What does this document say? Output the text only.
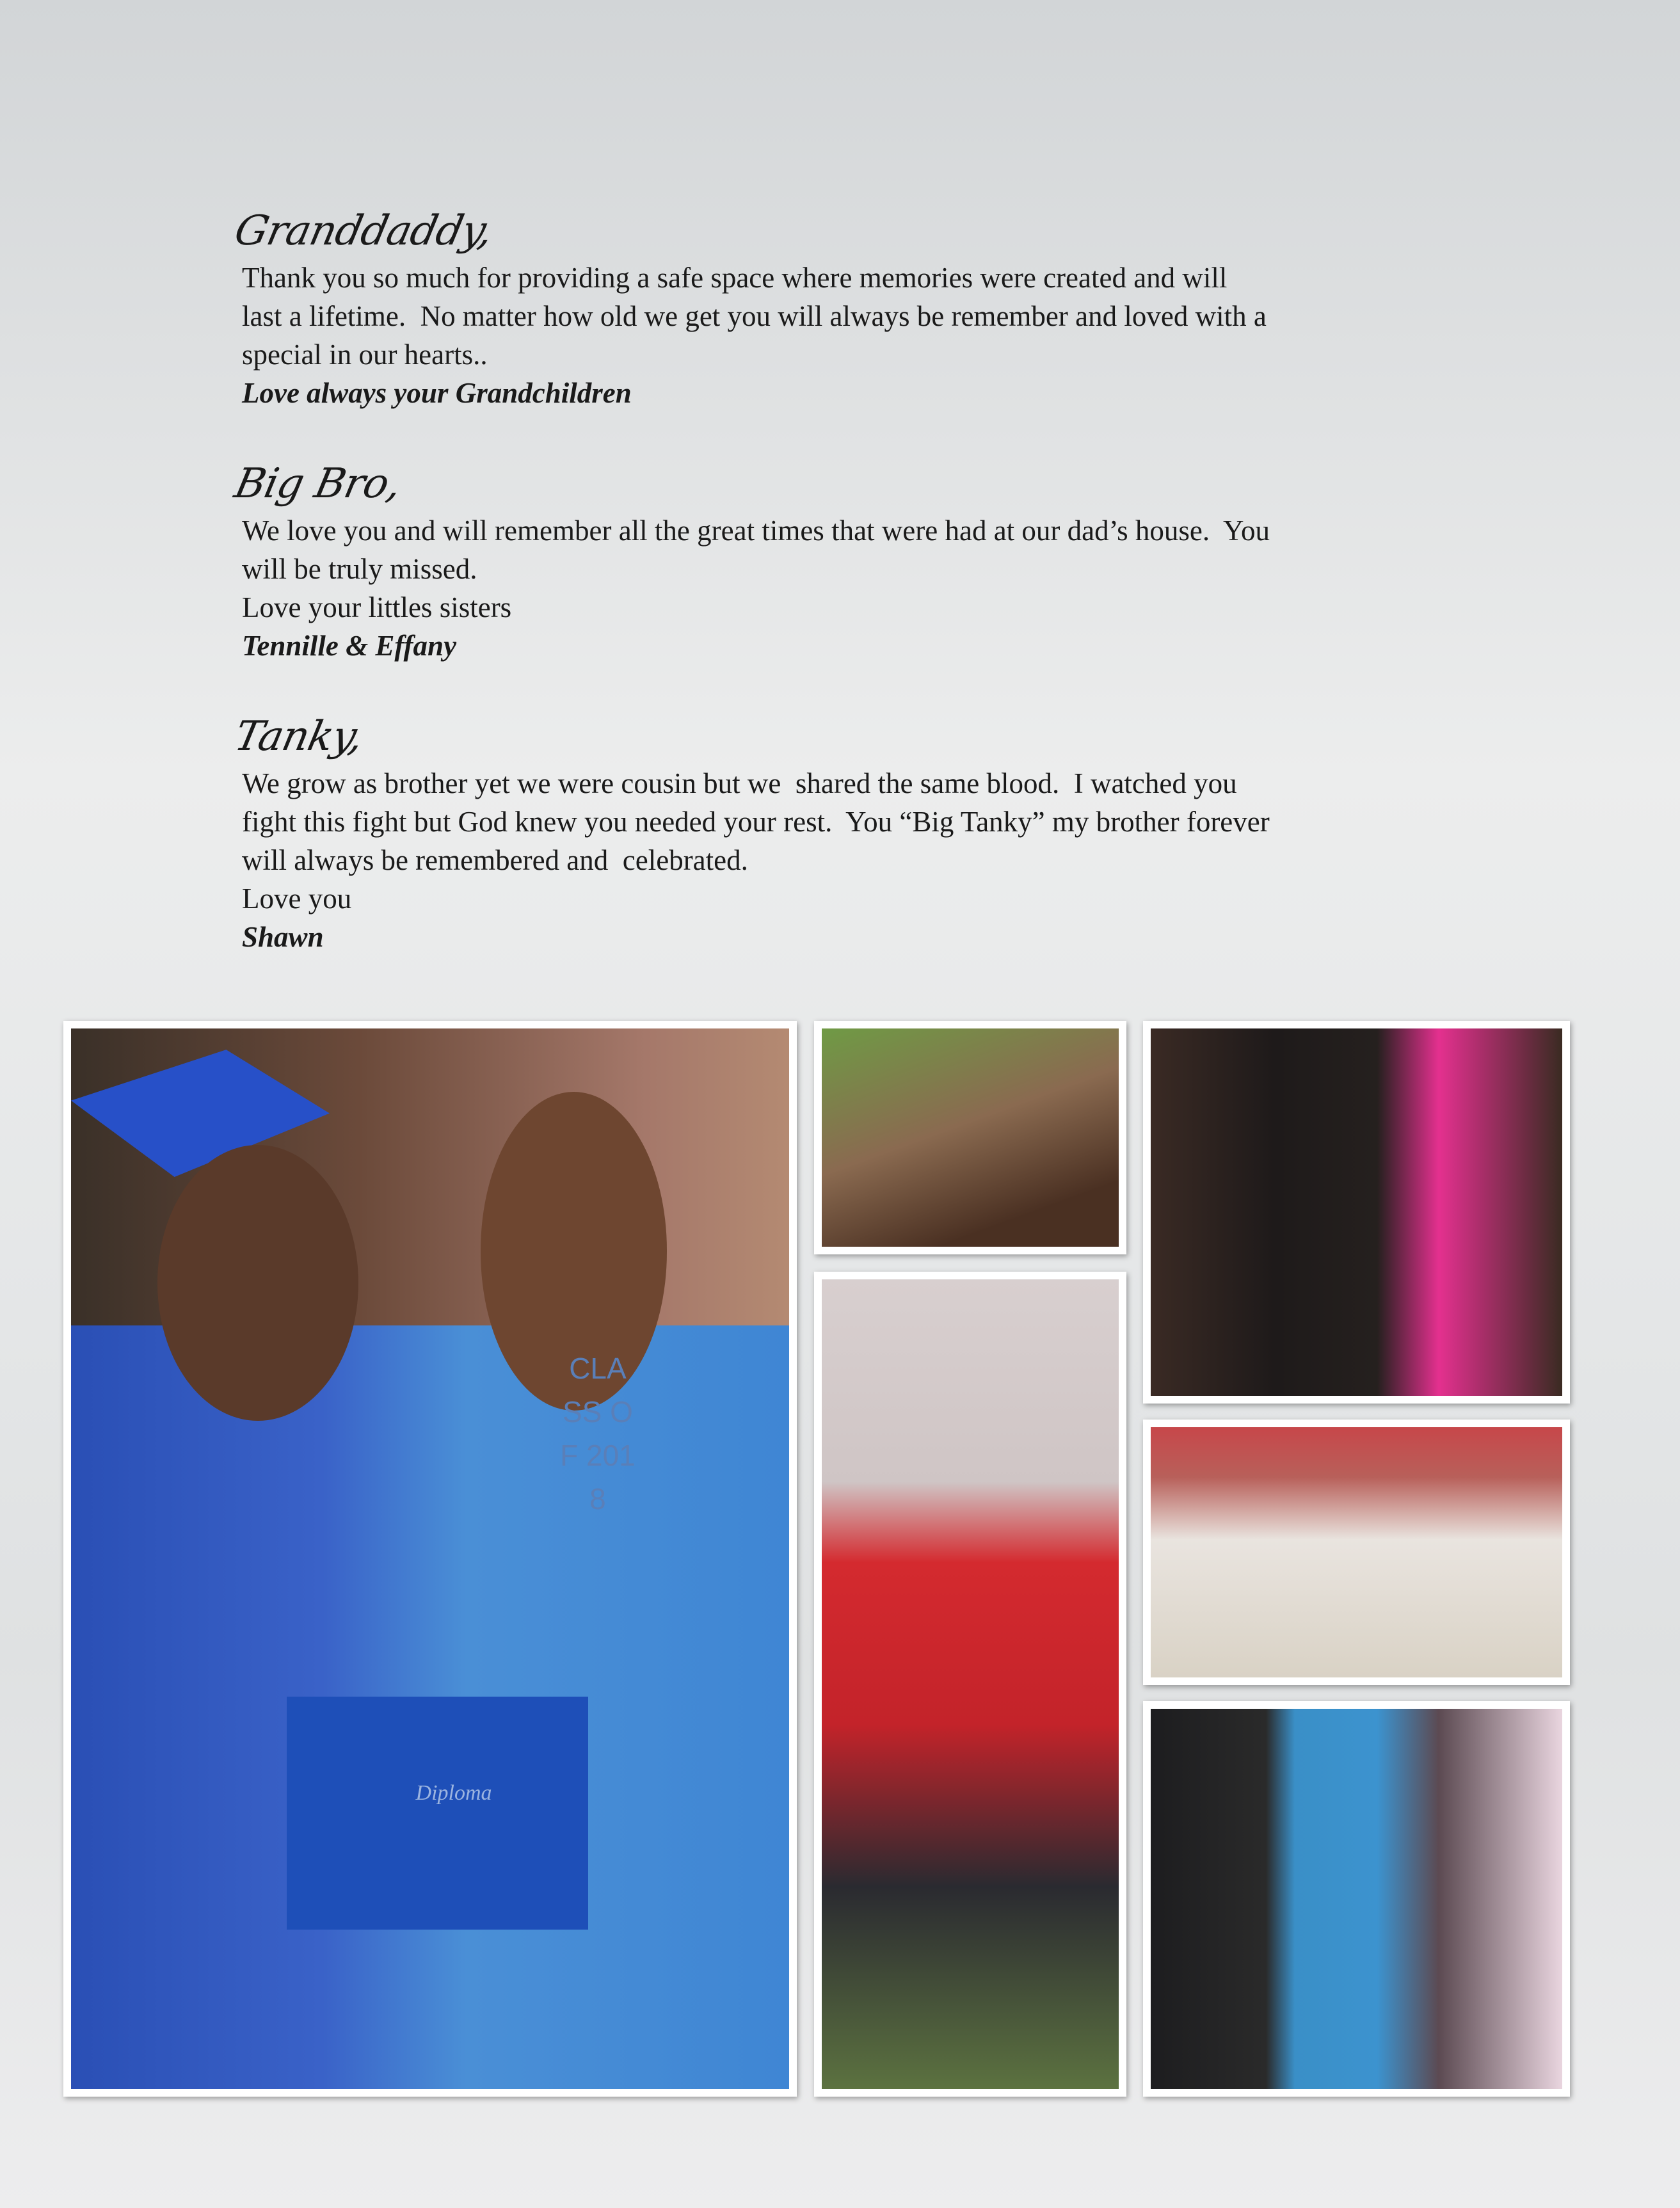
Granddaddy,
Thank you so much for providing a safe space where memories were created and will
last a lifetime.  No matter how old we get you will always be remember and loved with a
special in our hearts..
Love always your Grandchildren
Big Bro,
We love you and will remember all the great times that were had at our dad’s house.  You
will be truly missed.
Love your littles sisters
Tennille & Effany
Tanky,
We grow as brother yet we were cousin but we  shared the same blood.  I watched you
fight this fight but God knew you needed your rest.  You “Big Tanky” my brother forever
will always be remembered and  celebrated.
Love you
Shawn
CLASS OF 2018
Diploma
